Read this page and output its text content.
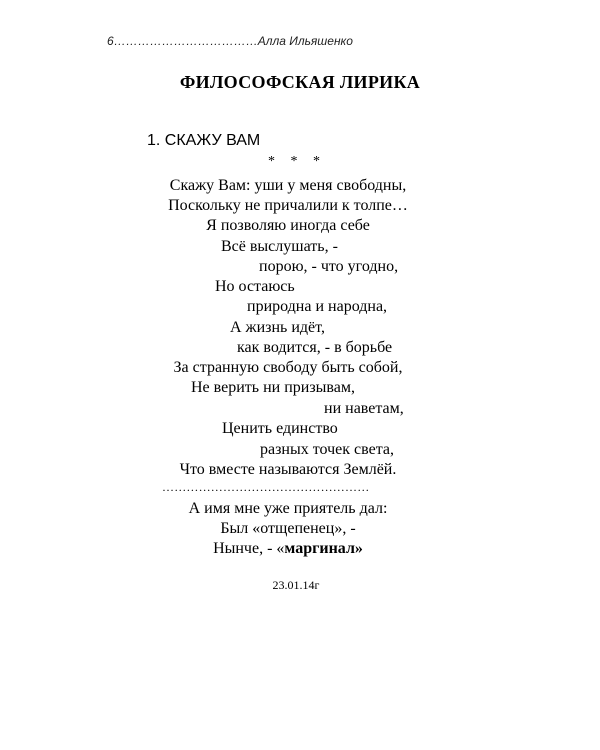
6………………………………Алла Ильяшенко
ФИЛОСОФСКАЯ ЛИРИКА
1. СКАЖУ ВАМ
* * *
Скажу Вам: уши у меня свободны,
Поскольку не причалили к толпе…
Я позволяю иногда себе
Всё выслушать, -
порою, - что угодно,
Но остаюсь
природна и народна,
А жизнь идёт,
как водится, - в борьбе
За странную свободу быть собой,
Не верить ни призывам,
ни наветам,
Ценить единство
разных точек света,
Что вместе называются Землёй.
……………………………………………
А имя мне уже приятель дал:
Был «отщепенец», -
Нынче, - «маргинал»
23.01.14г
